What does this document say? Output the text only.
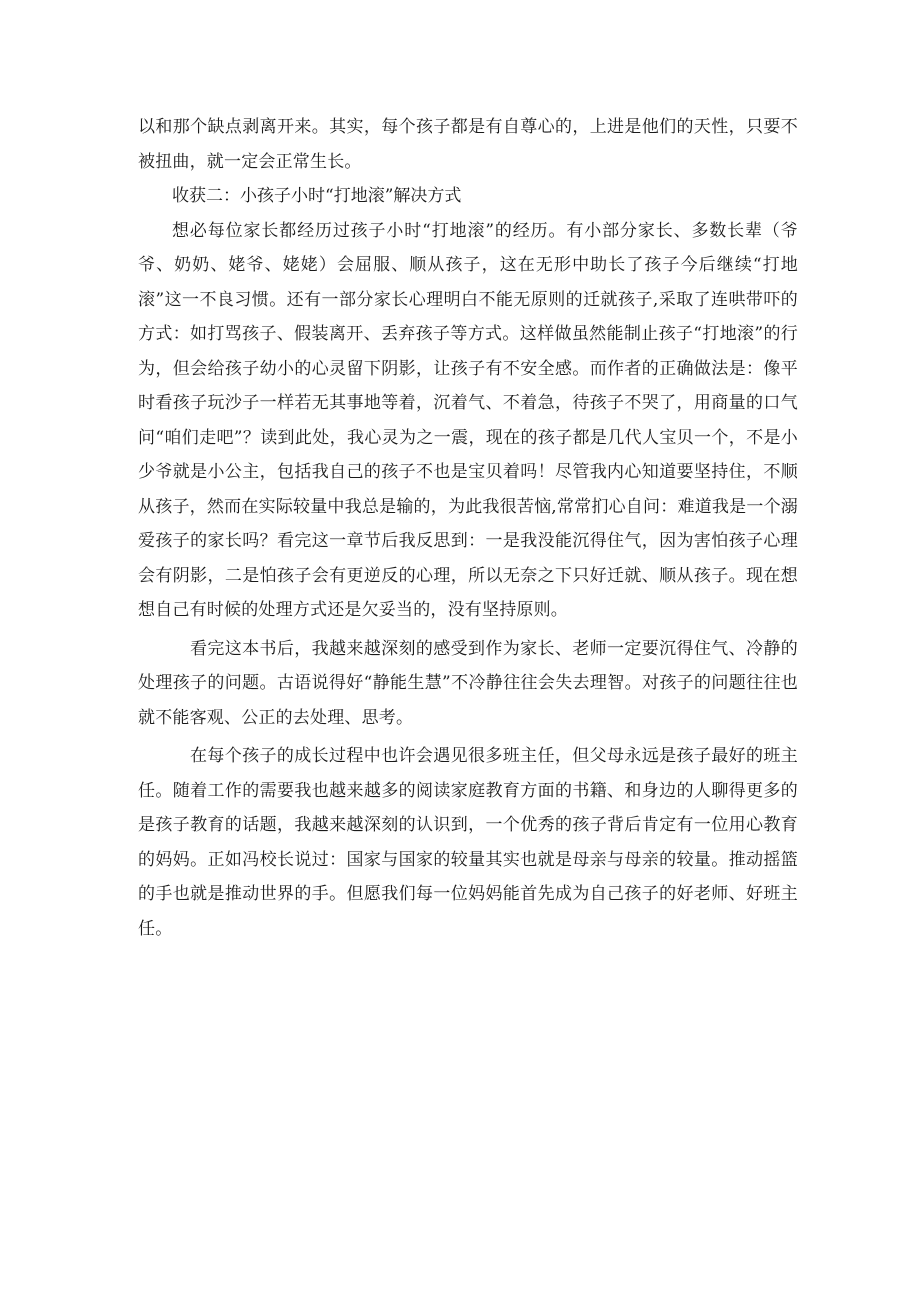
以和那个缺点剥离开来。其实，每个孩子都是有自尊心的，上进是他们的天性，只要不被扭曲，就一定会正常生长。

收获二：小孩子小时“打地滚”解决方式

想必每位家长都经历过孩子小时“打地滚”的经历。有小部分家长、多数长辈（爷爷、奶奶、姥爷、姥姥）会屈服、顺从孩子，这在无形中助长了孩子今后继续“打地滚”这一不良习惯。还有一部分家长心理明白不能无原则的迁就孩子,采取了连哄带吓的方式：如打骂孩子、假装离开、丢弃孩子等方式。这样做虽然能制止孩子“打地滚”的行为，但会给孩子幼小的心灵留下阴影，让孩子有不安全感。而作者的正确做法是：像平时看孩子玩沙子一样若无其事地等着，沉着气、不着急，待孩子不哭了，用商量的口气问“咱们走吧”？读到此处，我心灵为之一震，现在的孩子都是几代人宝贝一个，不是小少爷就是小公主，包括我自己的孩子不也是宝贝着吗！尽管我内心知道要坚持住，不顺从孩子，然而在实际较量中我总是输的，为此我很苦恼,常常扪心自问：难道我是一个溺爱孩子的家长吗？看完这一章节后我反思到：一是我没能沉得住气，因为害怕孩子心理会有阴影，二是怕孩子会有更逆反的心理，所以无奈之下只好迁就、顺从孩子。现在想想自己有时候的处理方式还是欠妥当的，没有坚持原则。

看完这本书后，我越来越深刻的感受到作为家长、老师一定要沉得住气、冷静的处理孩子的问题。古语说得好“静能生慧”不冷静往往会失去理智。对孩子的问题往往也就不能客观、公正的去处理、思考。

在每个孩子的成长过程中也许会遇见很多班主任，但父母永远是孩子最好的班主任。随着工作的需要我也越来越多的阅读家庭教育方面的书籍、和身边的人聊得更多的是孩子教育的话题，我越来越深刻的认识到，一个优秀的孩子背后肯定有一位用心教育的妈妈。正如冯校长说过：国家与国家的较量其实也就是母亲与母亲的较量。推动摇篮的手也就是推动世界的手。但愿我们每一位妈妈能首先成为自己孩子的好老师、好班主任。
